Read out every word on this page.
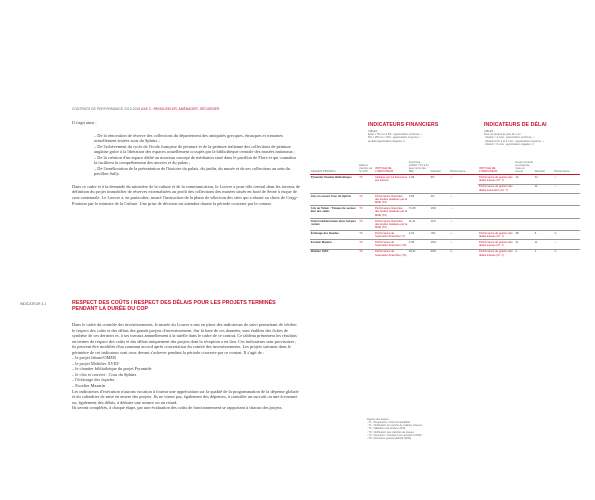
CONTRATS DE PERFORMANCE 2013-2015 AXE 3 : RENOUVELER, AMÉNAGER, SÉCURISER

Il s'agit ainsi :

– De la rénovation de réserve des collections du département des antiquités grecques, étrusques et romaines actuellement situées sous du Sphinx ;

– De l'achèvement du cycle de l'école française de peinture et de la peinture italienne des collections de peinture anglaise grâce à la libération des espaces actuellement occupés par la bibliothèque centrale des musées nationaux ;

– De la création d'un espace dédié au nouveau concept de médiation situé dans le pavillon de Flore et qui connaîtra la facilitera la compréhension des œuvres et du palais ;

– De l'amélioration de la présentation de l'histoire du palais, du jardin, du musée et de ses collections au sein du pavillon Sully.

Dans ce cadre et à la demande du ministère de la culture et de la communication, le Louvre a pour rôle central dans les travaux de définition du projet immobilier de réserves externalisées au profit des collections des musées situés en bord de Seine à risque de crue centennale. Le Louvre a, en particulier, assuré l'instruction de la phase de sélection des sites qui a abouti au choix de Cergy-Pontoise par le ministre de la Culture. Une prise de décision est attendue durant la période couverte par le contrat.

INDICATEUR 3.1	RESPECT DES COÛTS / RESPECT DES DÉLAIS POUR LES PROJETS TERMINÉS PENDANT LA DURÉE DU COP

Dans le cadre du contrôle des investissements, le musée du Louvre a mis en place des indicateurs de suivi permettant de vérifier le respect des coûts et des délais des grands projets d'investissement. Sur la base de ces données, sont établies des fiches de synthèse de ces derniers et, à ses travaux annuellement à la tutelle dans le cadre de ce contrat. Ce tableau présentera les résultats en termes de respect des coûts et des délais uniquement des projets dont la réception a eu lieu. Ces indicateurs sont provisoires ; ils peuvent être modifiés d'un commun accord après concertation du comité des investissements. Les projets suivants dans le périmètre de cet indicateur sont ceux devant s'achever pendant la période couverte par ce contrat. Il s'agit de :

– le projet Jabare/OMER

– le projet Mobilier XVIIIᵉ

– le chantier bibliothèque du projet Pyramide

– le clos et couvert : Cour du Sphinx

– l'éclairage des façades

– Escalier Mazarin

Les indicateurs d'exécution n'aurons vocation à fournir une appréciation sur la qualité de la programmation de la dépense globale et du calendrier de mise en œuvre des projets. Ils ne visent pas, également des dépenses, à contrôler un surcoût ou une économie ou, également des délais, à déduire une avance ou un retard.

Ils seront complétés, à chaque étape, par une évaluation des coûts de fonctionnement se rapportant à chacun des projets.

INDICATEURS FINANCIERS
CIBLES :
Ecart ≤ 5% et ≤0,5% : appréciation conforme ☺
5% ≤ 15% et ≤ 10% : appréciation moyenne ☺
au-delà appréciation négative ☹
INDICATEURS DE DÉLAI
CIBLES :
Pour les projets de plus de 1 an :
- Retard < 3 mois : appréciation conforme ☺
- Retard entre 3 et 6 mois : appréciation moyenne ☺
- Retard > 6 mois : appréciation négative ☹
GRANDS PROJETS	Délai à inscrire sur le COP	INTITULÉ DE L'INDICATEUR	Coût final (chiffré TTC à fin avec la fin des ME)	Résultat	Performance	INTITULÉ DE L'INDICATEUR	Durée contrôle au projet de mise en œuvre	Résultat	Performance
Pyramide Chantier Bibliothèque	T3	Cadrage par les financeurs ses travaux	4,09	5%	☺	Performance de gestion des délais travaux (Cf. 7)	14	14	☺
						Performance de gestion des délais exécutions (Cf. 7)		11	☺
Clos et couvert Cour du Sphinx	T3	Performance financière des études réalisées par la MOE (T2)	2,55	1%	☺				
Arts de l'Islam : Travaux de secteur Bon des salles	T3	Performance financière des études réalisées par la MOE (T2)	72,25	16%	☺				
Orient méditerranéen dans l'empire romain	T3	Performance financière des études réalisées par la MOE (T2)	11,41	11%	☺				
Éclairage des façades	T3	Performance de l'estimation financière (T)	2,21	-5%	☺	Performance de gestion des délais travaux (Cf. 7)	48	6	☹
Escalier Mazarin	T3	Performance de l'estimation financière (T2)	4,35	15%	☺	Performance de gestion des délais travaux (Cf. 7)	11	11	☺
Mobilier XVIIIᵉ	T3	Performance de l'estimation financière (T2)	26,31	20%	☹	Performance de gestion des délais travaux (Cf. 7)	4	1	☹
Repère des étapes :
- T1 : Programme / choix de faisabilité
- T1 : Notification du marché de maîtrise d'œuvre
- T2 : Validation des études (APS)
- T3 : Notification des marchés de travaux
- T4 : Ouverture / réception à la réception (OPR)
- T5 : Décompte général définitif (DGD)
